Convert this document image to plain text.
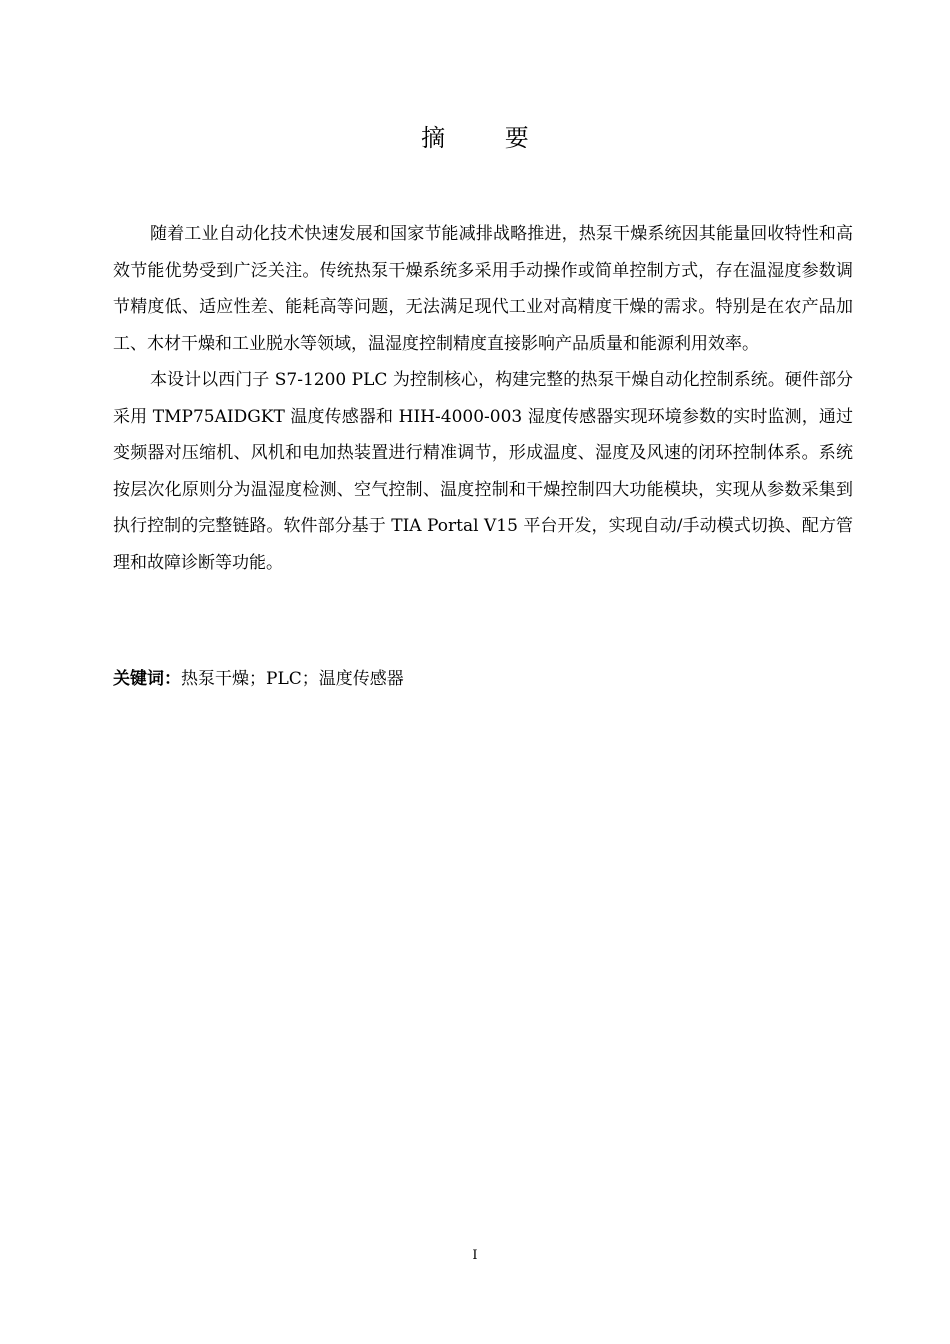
摘 要

随着工业自动化技术快速发展和国家节能减排战略推进，热泵干燥系统因其能量回收特性和高效节能优势受到广泛关注。传统热泵干燥系统多采用手动操作或简单控制方式，存在温湿度参数调节精度低、适应性差、能耗高等问题，无法满足现代工业对高精度干燥的需求。特别是在农产品加工、木材干燥和工业脱水等领域，温湿度控制精度直接影响产品质量和能源利用效率。

本设计以西门子 S7-1200 PLC 为控制核心，构建完整的热泵干燥自动化控制系统。硬件部分采用 TMP75AIDGKT 温度传感器和 HIH-4000-003 湿度传感器实现环境参数的实时监测，通过变频器对压缩机、风机和电加热装置进行精准调节，形成温度、湿度及风速的闭环控制体系。系统按层次化原则分为温湿度检测、空气控制、温度控制和干燥控制四大功能模块，实现从参数采集到执行控制的完整链路。软件部分基于 TIA Portal V15 平台开发，实现自动/手动模式切换、配方管理和故障诊断等功能。

关键词：热泵干燥；PLC；温度传感器
I
